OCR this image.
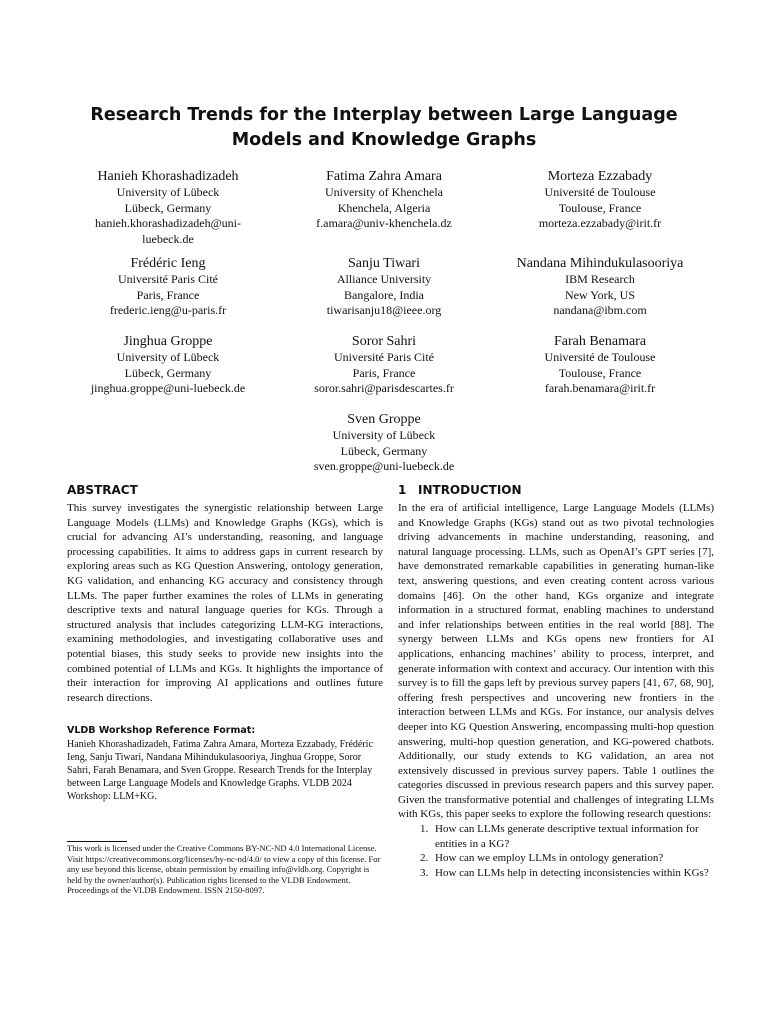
Research Trends for the Interplay between Large Language Models and Knowledge Graphs
Hanieh Khorashadizadeh
University of Lübeck
Lübeck, Germany
hanieh.khorashadizadeh@uni-
luebeck.de
Fatima Zahra Amara
University of Khenchela
Khenchela, Algeria
f.amara@univ-khenchela.dz
Morteza Ezzabady
Université de Toulouse
Toulouse, France
morteza.ezzabady@irit.fr
Frédéric Ieng
Université Paris Cité
Paris, France
frederic.ieng@u-paris.fr
Sanju Tiwari
Alliance University
Bangalore, India
tiwarisanju18@ieee.org
Nandana Mihindukulasooriya
IBM Research
New York, US
nandana@ibm.com
Jinghua Groppe
University of Lübeck
Lübeck, Germany
jinghua.groppe@uni-luebeck.de
Soror Sahri
Université Paris Cité
Paris, France
soror.sahri@parisdescartes.fr
Farah Benamara
Université de Toulouse
Toulouse, France
farah.benamara@irit.fr
Sven Groppe
University of Lübeck
Lübeck, Germany
sven.groppe@uni-luebeck.de
ABSTRACT

This survey investigates the synergistic relationship between Large Language Models (LLMs) and Knowledge Graphs (KGs), which is crucial for advancing AI’s understanding, reasoning, and language processing capabilities. It aims to address gaps in current research by exploring areas such as KG Question Answering, ontology generation, KG validation, and enhancing KG accuracy and consistency through LLMs. The paper further examines the roles of LLMs in generating descriptive texts and natural language queries for KGs. Through a structured analysis that includes categorizing LLM-KG interactions, examining methodologies, and investigating collaborative uses and potential biases, this study seeks to provide new insights into the combined potential of LLMs and KGs. It highlights the importance of their interaction for improving AI applications and outlines future research directions.

VLDB Workshop Reference Format:
Hanieh Khorashadizadeh, Fatima Zahra Amara, Morteza Ezzabady, Frédéric Ieng, Sanju Tiwari, Nandana Mihindukulasooriya, Jinghua Groppe, Soror Sahri, Farah Benamara, and Sven Groppe. Research Trends for the Interplay between Large Language Models and Knowledge Graphs. VLDB 2024 Workshop: LLM+KG.

This work is licensed under the Creative Commons BY-NC-ND 4.0 International License. Visit https://creativecommons.org/licenses/by-nc-nd/4.0/ to view a copy of this license. For any use beyond this license, obtain permission by emailing info@vldb.org. Copyright is held by the owner/author(s). Publication rights licensed to the VLDB Endowment.

Proceedings of the VLDB Endowment. ISSN 2150-8097.

1 INTRODUCTION

In the era of artificial intelligence, Large Language Models (LLMs) and Knowledge Graphs (KGs) stand out as two pivotal technologies driving advancements in machine understanding, reasoning, and natural language processing. LLMs, such as OpenAI’s GPT series [7], have demonstrated remarkable capabilities in generating human-like text, answering questions, and even creating content across various domains [46]. On the other hand, KGs organize and integrate information in a structured format, enabling machines to understand and infer relationships between entities in the real world [88]. The synergy between LLMs and KGs opens new frontiers for AI applications, enhancing machines’ ability to process, interpret, and generate information with context and accuracy. Our intention with this survey is to fill the gaps left by previous survey papers [41, 67, 68, 90], offering fresh perspectives and uncovering new frontiers in the interaction between LLMs and KGs. For instance, our analysis delves deeper into KG Question Answering, encompassing multi-hop question answering, multi-hop question generation, and KG-powered chatbots. Additionally, our study extends to KG validation, an area not extensively discussed in previous survey papers. Table 1 outlines the categories discussed in previous research papers and this survey paper. Given the transformative potential and challenges of integrating LLMs with KGs, this paper seeks to explore the following research questions:

1. How can LLMs generate descriptive textual information for entities in a KG?
2. How can we employ LLMs in ontology generation?
3. How can LLMs help in detecting inconsistencies within KGs?
